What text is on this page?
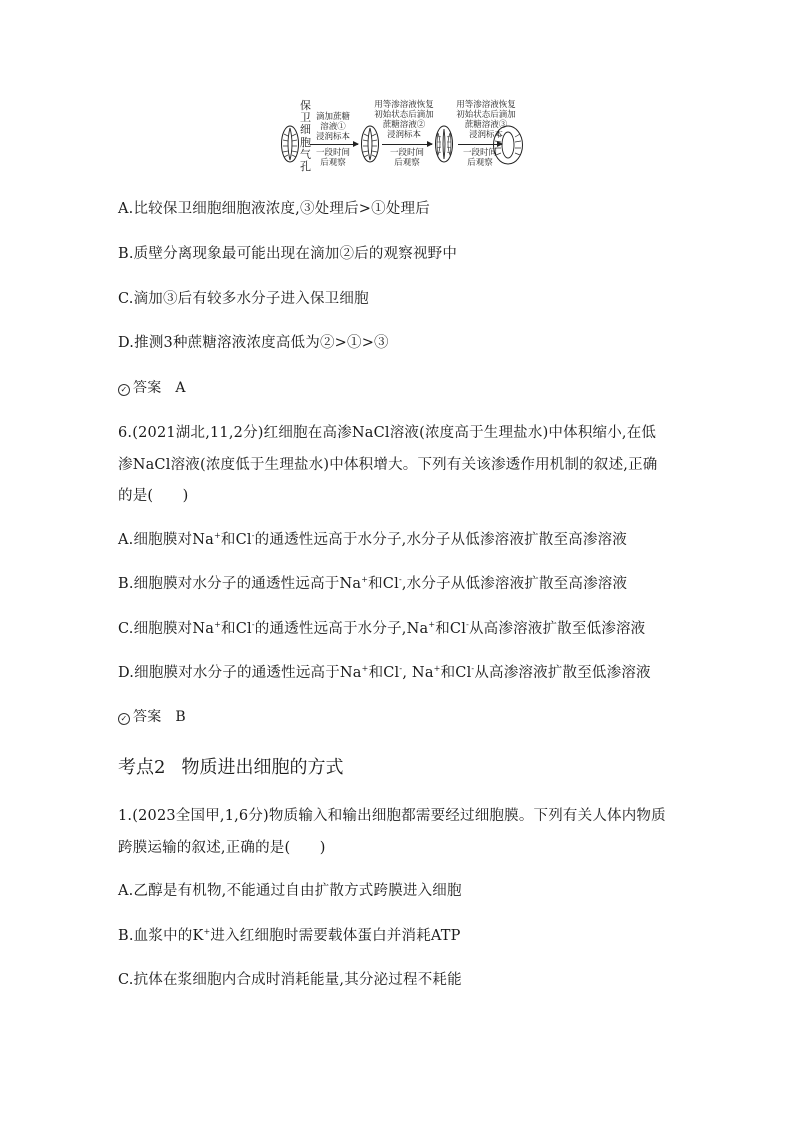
保
卫
细
胞
气
孔
滴加蔗糖
溶液①
浸润标本
一段时间
后观察
用等渗溶液恢复
初始状态后滴加
蔗糖溶液②
浸润标本
一段时间
后观察
用等渗溶液恢复
初始状态后滴加
蔗糖溶液③
浸润标本
一段时间
后观察
A.比较保卫细胞细胞液浓度,③处理后>①处理后
B.质壁分离现象最可能出现在滴加②后的观察视野中
C.滴加③后有较多水分子进入保卫细胞
D.推测3种蔗糖溶液浓度高低为②>①>③
✓ 答案 A
6.(2021湖北,11,2分)红细胞在高渗NaCl溶液(浓度高于生理盐水)中体积缩小,在低
渗NaCl溶液(浓度低于生理盐水)中体积增大。下列有关该渗透作用机制的叙述,正确
的是(　　)
A.细胞膜对Na+和Cl-的通透性远高于水分子,水分子从低渗溶液扩散至高渗溶液
B.细胞膜对水分子的通透性远高于Na+和Cl-,水分子从低渗溶液扩散至高渗溶液
C.细胞膜对Na+和Cl-的通透性远高于水分子,Na+和Cl-从高渗溶液扩散至低渗溶液
D.细胞膜对水分子的通透性远高于Na+和Cl-, Na+和Cl-从高渗溶液扩散至低渗溶液
✓ 答案 B
考点2 物质进出细胞的方式
1.(2023全国甲,1,6分)物质输入和输出细胞都需要经过细胞膜。下列有关人体内物质
跨膜运输的叙述,正确的是(　　)
A.乙醇是有机物,不能通过自由扩散方式跨膜进入细胞
B.血浆中的K+进入红细胞时需要载体蛋白并消耗ATP
C.抗体在浆细胞内合成时消耗能量,其分泌过程不耗能
